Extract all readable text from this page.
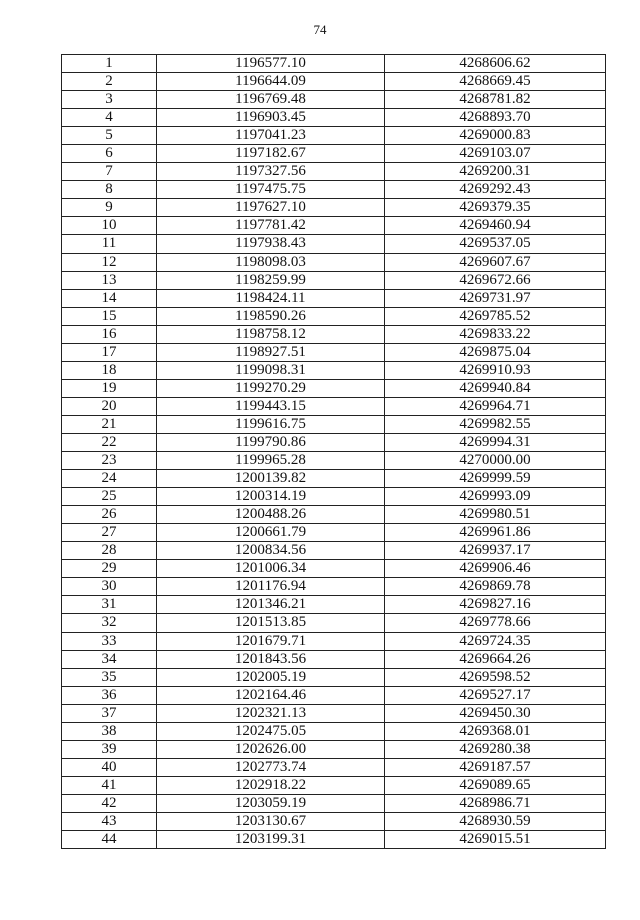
74
1	1196577.10	4268606.62
2	1196644.09	4268669.45
3	1196769.48	4268781.82
4	1196903.45	4268893.70
5	1197041.23	4269000.83
6	1197182.67	4269103.07
7	1197327.56	4269200.31
8	1197475.75	4269292.43
9	1197627.10	4269379.35
10	1197781.42	4269460.94
11	1197938.43	4269537.05
12	1198098.03	4269607.67
13	1198259.99	4269672.66
14	1198424.11	4269731.97
15	1198590.26	4269785.52
16	1198758.12	4269833.22
17	1198927.51	4269875.04
18	1199098.31	4269910.93
19	1199270.29	4269940.84
20	1199443.15	4269964.71
21	1199616.75	4269982.55
22	1199790.86	4269994.31
23	1199965.28	4270000.00
24	1200139.82	4269999.59
25	1200314.19	4269993.09
26	1200488.26	4269980.51
27	1200661.79	4269961.86
28	1200834.56	4269937.17
29	1201006.34	4269906.46
30	1201176.94	4269869.78
31	1201346.21	4269827.16
32	1201513.85	4269778.66
33	1201679.71	4269724.35
34	1201843.56	4269664.26
35	1202005.19	4269598.52
36	1202164.46	4269527.17
37	1202321.13	4269450.30
38	1202475.05	4269368.01
39	1202626.00	4269280.38
40	1202773.74	4269187.57
41	1202918.22	4269089.65
42	1203059.19	4268986.71
43	1203130.67	4268930.59
44	1203199.31	4269015.51
